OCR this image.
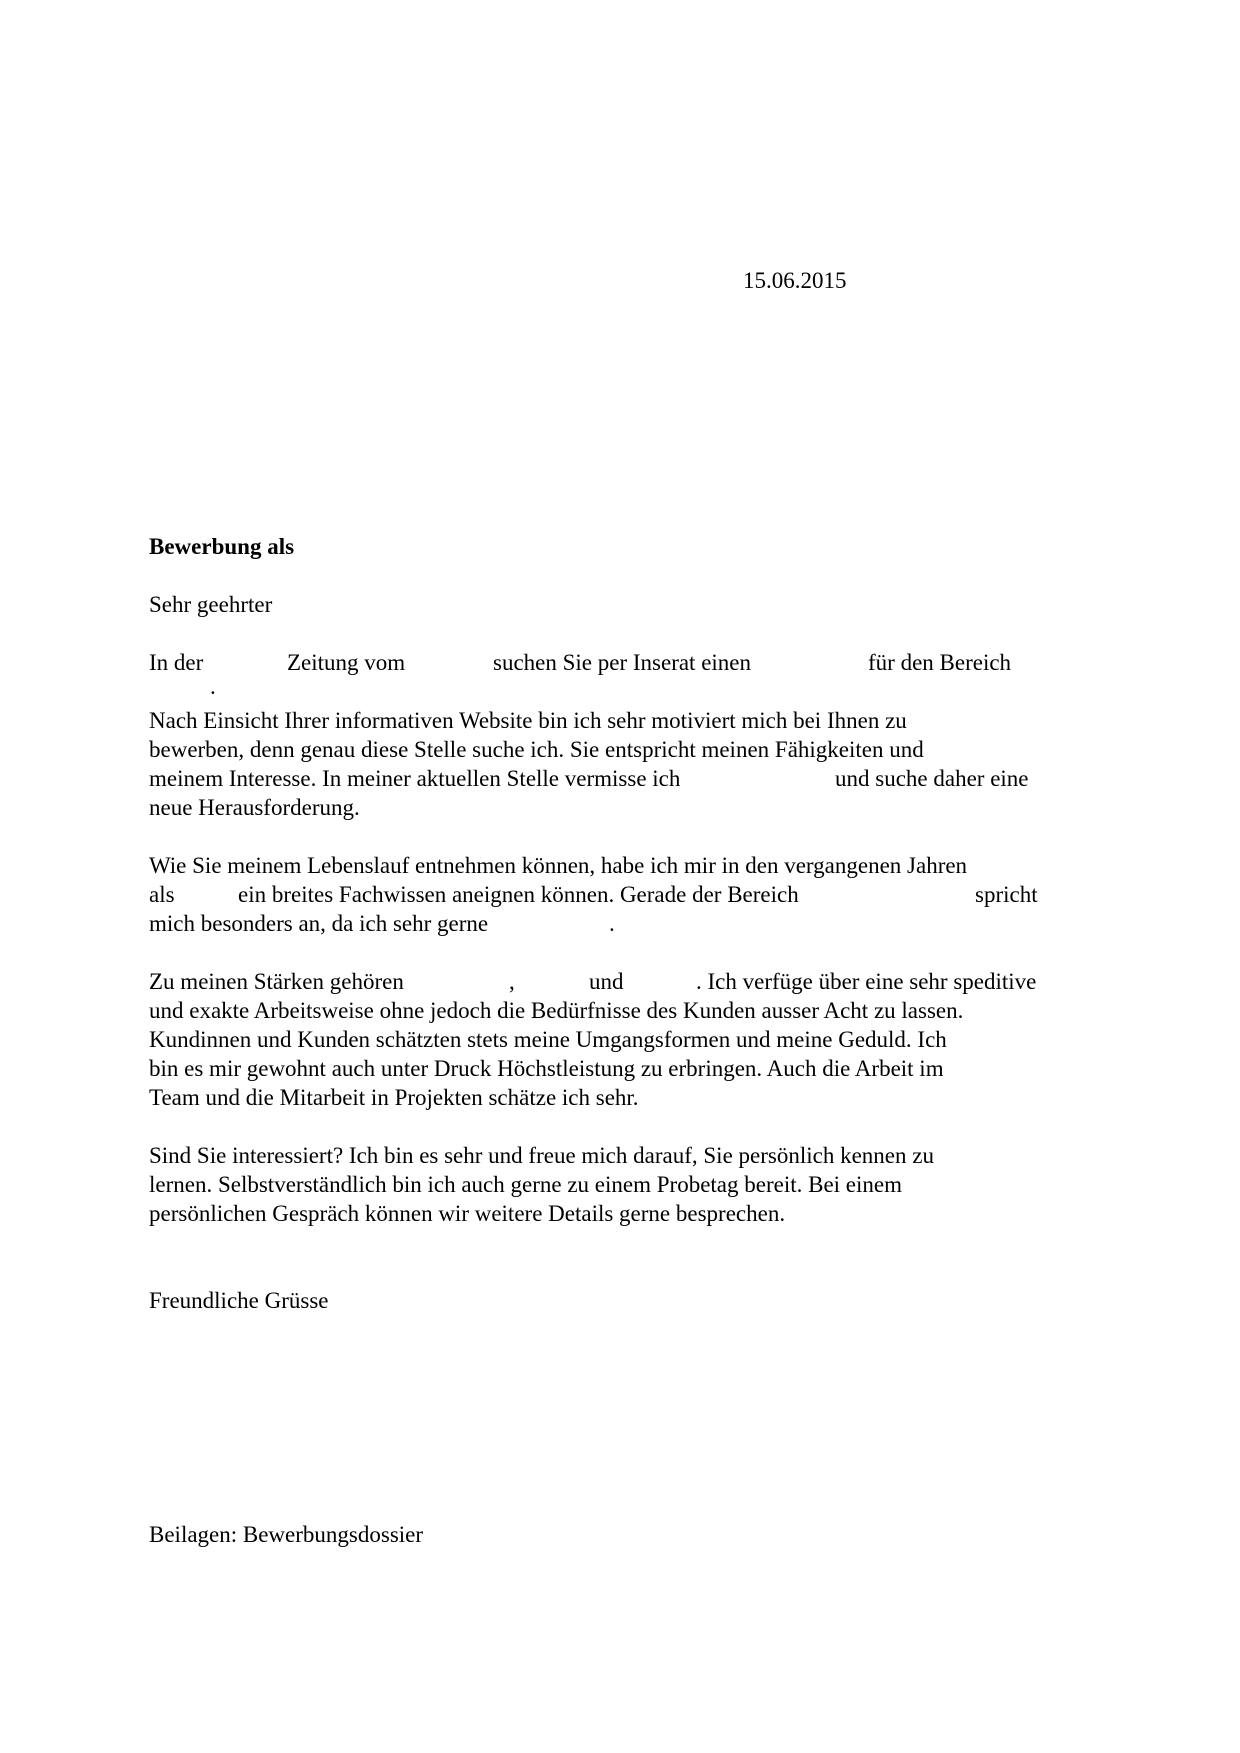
15.06.2015
Bewerbung als
Sehr geehrter
In der	Zeitung vom	suchen Sie per Inserat einen	für den Bereich
.
Nach Einsicht Ihrer informativen Website bin ich sehr motiviert mich bei Ihnen zu
bewerben, denn genau diese Stelle suche ich. Sie entspricht meinen Fähigkeiten und
meinem Interesse. In meiner aktuellen Stelle vermisse ich	und suche daher eine
neue Herausforderung.
Wie Sie meinem Lebenslauf entnehmen können, habe ich mir in den vergangenen Jahren
als	ein breites Fachwissen aneignen können. Gerade der Bereich	spricht
mich besonders an, da ich sehr gerne	.
Zu meinen Stärken gehören	,	und	. Ich verfüge über eine sehr speditive
und exakte Arbeitsweise ohne jedoch die Bedürfnisse des Kunden ausser Acht zu lassen.
Kundinnen und Kunden schätzten stets meine Umgangsformen und meine Geduld. Ich
bin es mir gewohnt auch unter Druck Höchstleistung zu erbringen. Auch die Arbeit im
Team und die Mitarbeit in Projekten schätze ich sehr.
Sind Sie interessiert? Ich bin es sehr und freue mich darauf, Sie persönlich kennen zu
lernen. Selbstverständlich bin ich auch gerne zu einem Probetag bereit. Bei einem
persönlichen Gespräch können wir weitere Details gerne besprechen.
Freundliche Grüsse
Beilagen: Bewerbungsdossier
